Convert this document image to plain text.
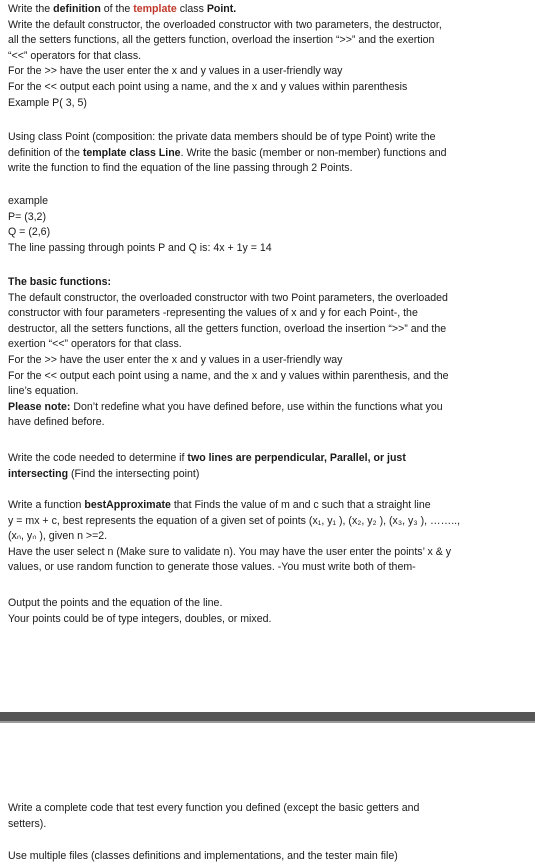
Write the definition of the template class Point.
Write the default constructor, the overloaded constructor with two parameters, the destructor,
all the setters functions, all the getters function, overload the insertion “>>” and the exertion
“<<” operators for that class.
For the >> have the user enter the x and y values in a user-friendly way
For the << output each point using a name, and the x and y values within parenthesis
Example P( 3, 5)
Using class Point (composition: the private data members should be of type Point) write the
definition of the template class Line. Write the basic (member or non-member) functions and
write the function to find the equation of the line passing through 2 Points.
example
P= (3,2)
Q = (2,6)
The line passing through points P and Q is: 4x + 1y = 14
The basic functions:
The default constructor, the overloaded constructor with two Point parameters, the overloaded
constructor with four parameters -representing the values of x and y for each Point-, the
destructor, all the setters functions, all the getters function, overload the insertion “>>” and the
exertion “<<” operators for that class.
For the >> have the user enter the x and y values in a user-friendly way
For the << output each point using a name, and the x and y values within parenthesis, and the
line’s equation.
Please note: Don’t redefine what you have defined before, use within the functions what you
have defined before.
Write the code needed to determine if two lines are perpendicular, Parallel, or just
intersecting (Find the intersecting point)
Write a function bestApproximate that Finds the value of m and c such that a straight line
y = mx + c, best represents the equation of a given set of points (x₁, y₁ ), (x₂, y₂ ), (x₃, y₃ ), ……..,
(xₙ, yₙ ), given n >=2.
Have the user select n (Make sure to validate n). You may have the user enter the points’ x & y
values, or use random function to generate those values. -You must write both of them-
Output the points and the equation of the line.
Your points could be of type integers, doubles, or mixed.
Write a complete code that test every function you defined (except the basic getters and
setters).
Use multiple files (classes definitions and implementations, and the tester main file)
